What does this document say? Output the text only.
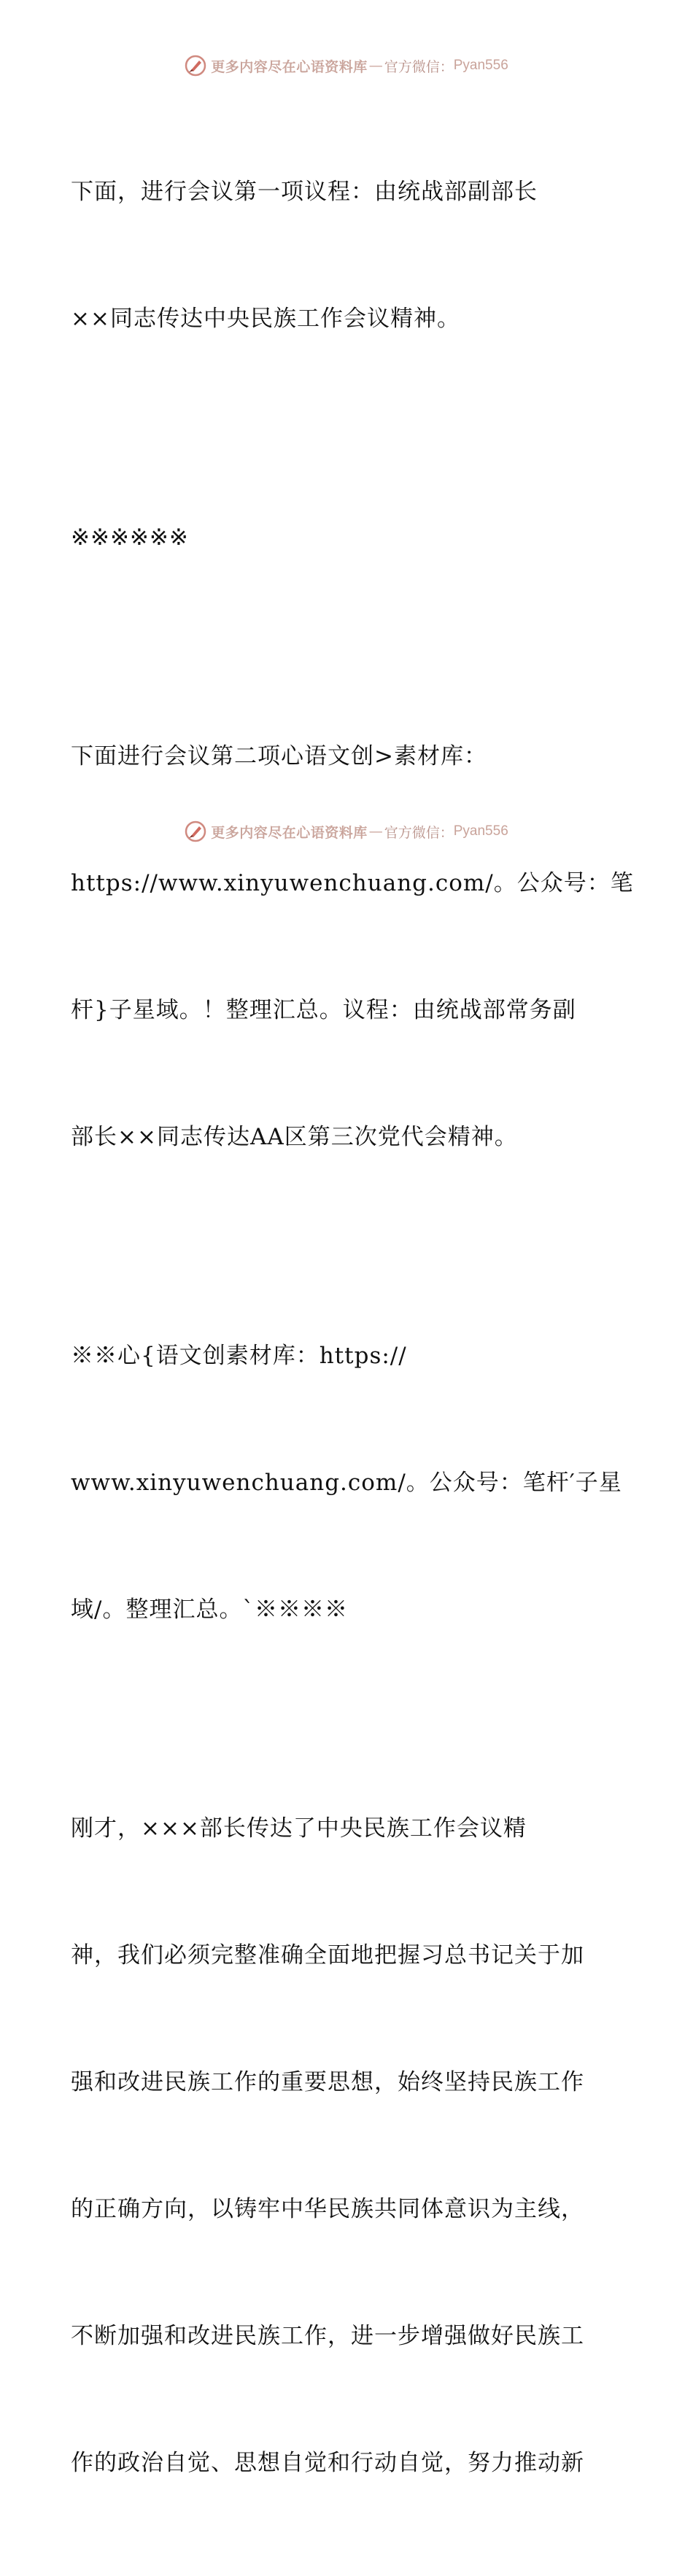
更多内容尽在心语资料库 — 官方微信： Pyan556

下面，进行会议第一项议程：由统战部副部长

××同志传达中央民族工作会议精神。

※※※※※※

下面进行会议第二项心语文创>素材库：

https://www.xinyuwenchuang.com/。公众号：笔

杆}子星域。！整理汇总。议程：由统战部常务副

部长××同志传达AA区第三次党代会精神。

※※心{语文创素材库：https://

www.xinyuwenchuang.com/。公众号：笔杆′子星

域/。整理汇总。`※※※※

刚才，×××部长传达了中央民族工作会议精

神，我们必须完整准确全面地把握习总书记关于加

强和改进民族工作的重要思想，始终坚持民族工作

的正确方向，以铸牢中华民族共同体意识为主线，

不断加强和改进民族工作，进一步增强做好民族工

作的政治自觉、思想自觉和行动自觉，努力推动新

更多内容尽在心语资料库 — 官方微信： Pyan556
